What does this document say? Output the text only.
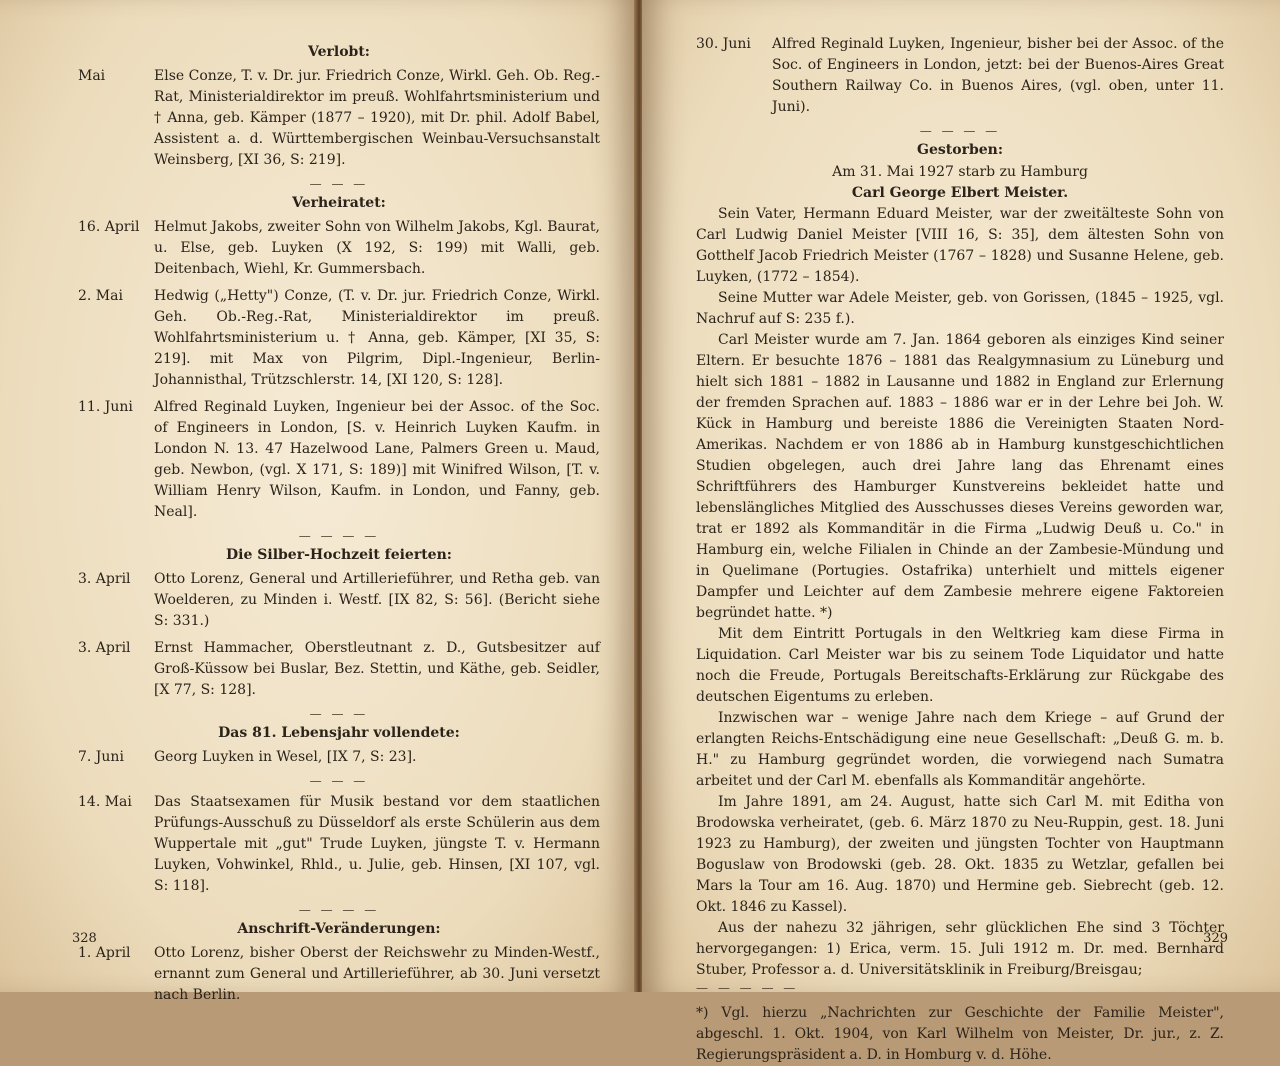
Verlobt:
Mai	Else Conze, T. v. Dr. jur. Friedrich Conze, Wirkl. Geh. Ob. Reg.-Rat, Ministerialdirektor im preuß. Wohlfahrtsministerium und † Anna, geb. Kämper (1877 – 1920), mit Dr. phil. Adolf Babel, Assistent a. d. Württembergischen Weinbau-Versuchsanstalt Weinsberg, [XI 36, S: 219].
— — —
Verheiratet:
16. April	Helmut Jakobs, zweiter Sohn von Wilhelm Jakobs, Kgl. Baurat, u. Else, geb. Luyken (X 192, S: 199) mit Walli, geb. Deitenbach, Wiehl, Kr. Gummersbach.
2. Mai	Hedwig („Hetty") Conze, (T. v. Dr. jur. Friedrich Conze, Wirkl. Geh. Ob.-Reg.-Rat, Ministerialdirektor im preuß. Wohlfahrtsministerium u. † Anna, geb. Kämper, [XI 35, S: 219]. mit Max von Pilgrim, Dipl.-Ingenieur, Berlin-Johannisthal, Trützschlerstr. 14, [XI 120, S: 128].
11. Juni	Alfred Reginald Luyken, Ingenieur bei der Assoc. of the Soc. of Engineers in London, [S. v. Heinrich Luyken Kaufm. in London N. 13. 47 Hazelwood Lane, Palmers Green u. Maud, geb. Newbon, (vgl. X 171, S: 189)] mit Winifred Wilson, [T. v. William Henry Wilson, Kaufm. in London, und Fanny, geb. Neal].
— — — —
Die Silber-Hochzeit feierten:
3. April	Otto Lorenz, General und Artillerieführer, und Retha geb. van Woelderen, zu Minden i. Westf. [IX 82, S: 56]. (Bericht siehe S: 331.)
3. April	Ernst Hammacher, Oberstleutnant z. D., Gutsbesitzer auf Groß-Küssow bei Buslar, Bez. Stettin, und Käthe, geb. Seidler, [X 77, S: 128].
— — —
Das 81. Lebensjahr vollendete:
7. Juni	Georg Luyken in Wesel, [IX 7, S: 23].
— — —
14. Mai	Das Staatsexamen für Musik bestand vor dem staatlichen Prüfungs-Ausschuß zu Düsseldorf als erste Schülerin aus dem Wuppertale mit „gut" Trude Luyken, jüngste T. v. Hermann Luyken, Vohwinkel, Rhld., u. Julie, geb. Hinsen, [XI 107, vgl. S: 118].
— — — —
Anschrift-Veränderungen:
1. April	Otto Lorenz, bisher Oberst der Reichswehr zu Minden-Westf., ernannt zum General und Artillerieführer, ab 30. Juni versetzt nach Berlin.
328
30. Juni	Alfred Reginald Luyken, Ingenieur, bisher bei der Assoc. of the Soc. of Engineers in London, jetzt: bei der Buenos-Aires Great Southern Railway Co. in Buenos Aires, (vgl. oben, unter 11. Juni).
— — — —
Gestorben:

Am 31. Mai 1927 starb zu Hamburg

Carl George Elbert Meister.

Sein Vater, Hermann Eduard Meister, war der zweitälteste Sohn von Carl Ludwig Daniel Meister [VIII 16, S: 35], dem ältesten Sohn von Gotthelf Jacob Friedrich Meister (1767 – 1828) und Susanne Helene, geb. Luyken, (1772 – 1854).

Seine Mutter war Adele Meister, geb. von Gorissen, (1845 – 1925, vgl. Nachruf auf S: 235 f.).

Carl Meister wurde am 7. Jan. 1864 geboren als einziges Kind seiner Eltern. Er besuchte 1876 – 1881 das Realgymnasium zu Lüneburg und hielt sich 1881 – 1882 in Lausanne und 1882 in England zur Erlernung der fremden Sprachen auf. 1883 – 1886 war er in der Lehre bei Joh. W. Kück in Hamburg und bereiste 1886 die Vereinigten Staaten Nord-Amerikas. Nachdem er von 1886 ab in Hamburg kunstgeschichtlichen Studien obgelegen, auch drei Jahre lang das Ehrenamt eines Schriftführers des Hamburger Kunstvereins bekleidet hatte und lebenslängliches Mitglied des Ausschusses dieses Vereins geworden war, trat er 1892 als Kommanditär in die Firma „Ludwig Deuß u. Co." in Hamburg ein, welche Filialen in Chinde an der Zambesie-Mündung und in Quelimane (Portugies. Ostafrika) unterhielt und mittels eigener Dampfer und Leichter auf dem Zambesie mehrere eigene Faktoreien begründet hatte. *)

Mit dem Eintritt Portugals in den Weltkrieg kam diese Firma in Liquidation. Carl Meister war bis zu seinem Tode Liquidator und hatte noch die Freude, Portugals Bereitschafts-Erklärung zur Rückgabe des deutschen Eigentums zu erleben.

Inzwischen war – wenige Jahre nach dem Kriege – auf Grund der erlangten Reichs-Entschädigung eine neue Gesellschaft: „Deuß G. m. b. H." zu Hamburg gegründet worden, die vorwiegend nach Sumatra arbeitet und der Carl M. ebenfalls als Kommanditär angehörte.

Im Jahre 1891, am 24. August, hatte sich Carl M. mit Editha von Brodowska verheiratet, (geb. 6. März 1870 zu Neu-Ruppin, gest. 18. Juni 1923 zu Hamburg), der zweiten und jüngsten Tochter von Hauptmann Boguslaw von Brodowski (geb. 28. Okt. 1835 zu Wetzlar, gefallen bei Mars la Tour am 16. Aug. 1870) und Hermine geb. Siebrecht (geb. 12. Okt. 1846 zu Kassel).

Aus der nahezu 32 jährigen, sehr glücklichen Ehe sind 3 Töchter hervorgegangen: 1) Erica, verm. 15. Juli 1912 m. Dr. med. Bernhard Stuber, Professor a. d. Universitätsklinik in Freiburg/Breisgau;

— — — — —
*) Vgl. hierzu „Nachrichten zur Geschichte der Familie Meister", abgeschl. 1. Okt. 1904, von Karl Wilhelm von Meister, Dr. jur., z. Z. Regierungspräsident a. D. in Homburg v. d. Höhe.
329
